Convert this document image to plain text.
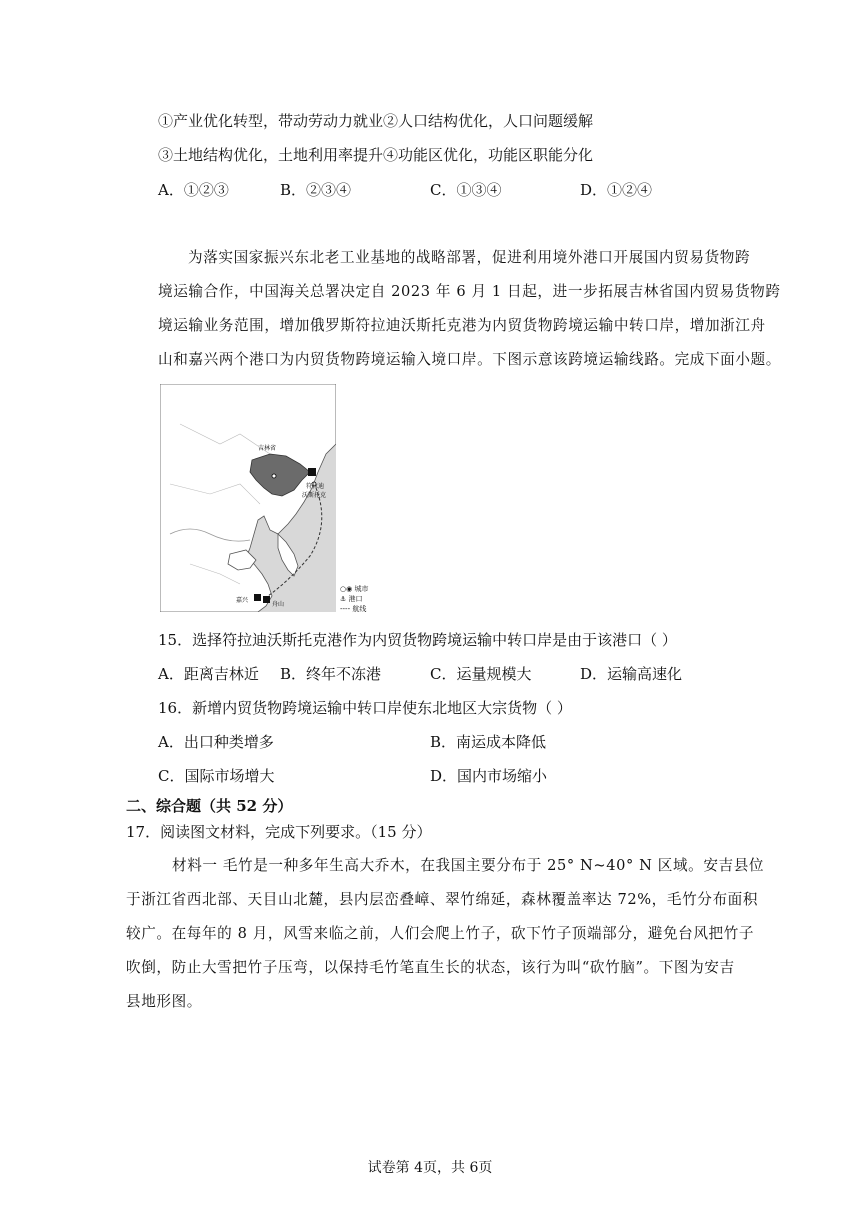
①产业优化转型，带动劳动力就业②人口结构优化，人口问题缓解
③土地结构优化，土地利用率提升④功能区优化，功能区职能分化
A．①②③	B．②③④	C．①③④	D．①②④
为落实国家振兴东北老工业基地的战略部署，促进利用境外港口开展国内贸易货物跨
境运输合作，中国海关总署决定自 2023 年 6 月 1 日起，进一步拓展吉林省国内贸易货物跨
境运输业务范围，增加俄罗斯符拉迪沃斯托克港为内贸货物跨境运输中转口岸，增加浙江舟
山和嘉兴两个港口为内贸货物跨境运输入境口岸。下图示意该跨境运输线路。完成下面小题。
吉林省
符拉迪
沃斯托克
嘉兴
舟山
○◉ 城市
⚓ 港口
---- 航线
15．选择符拉迪沃斯托克港作为内贸货物跨境运输中转口岸是由于该港口（ ）
A．距离吉林近 B．终年不冻港	C．运量规模大	D．运输高速化
16．新增内贸货物跨境运输中转口岸使东北地区大宗货物（ ）
A．出口种类增多	B．南运成本降低
C．国际市场增大	D．国内市场缩小
二、综合题（共 52 分）
17．阅读图文材料，完成下列要求。（15 分）
材料一 毛竹是一种多年生高大乔木，在我国主要分布于 25° N~40° N 区域。安吉县位
于浙江省西北部、天目山北麓，县内层峦叠嶂、翠竹绵延，森林覆盖率达 72%，毛竹分布面积
较广。在每年的 8 月，风雪来临之前，人们会爬上竹子，砍下竹子顶端部分，避免台风把竹子
吹倒，防止大雪把竹子压弯，以保持毛竹笔直生长的状态，该行为叫“砍竹脑”。下图为安吉
县地形图。
试卷第 4页，共 6页
